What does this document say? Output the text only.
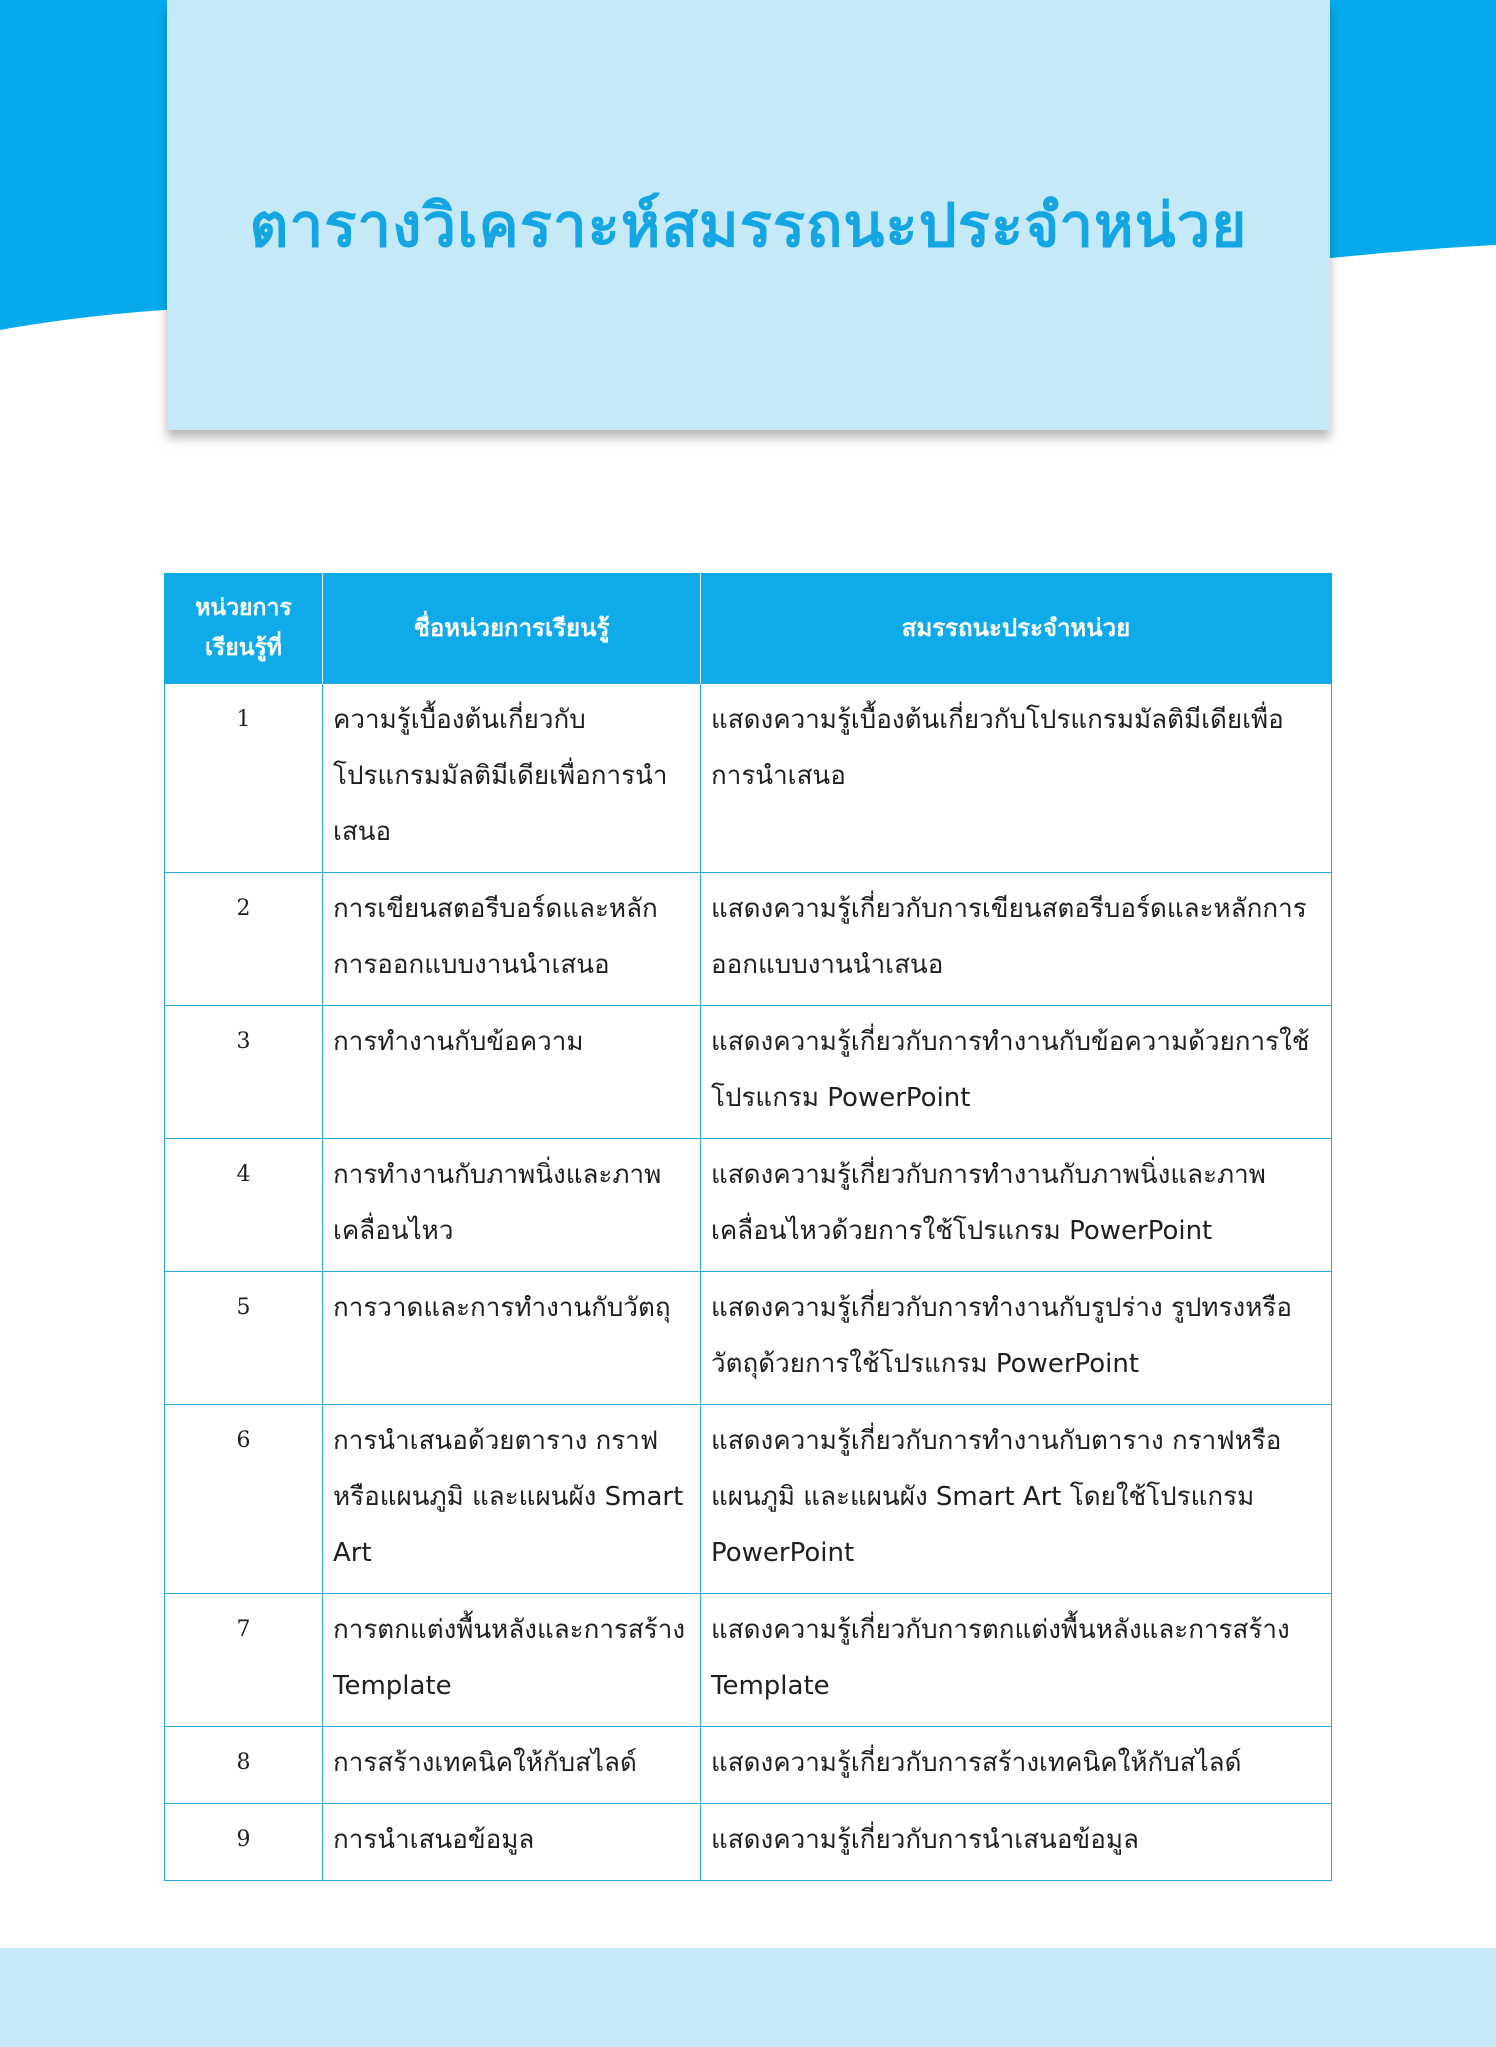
ตารางวิเคราะห์สมรรถนะประจำหน่วย
หน่วยการเรียนรู้ที่	ชื่อหน่วยการเรียนรู้	สมรรถนะประจำหน่วย
1	ความรู้เบื้องต้นเกี่ยวกับโปรแกรมมัลติมีเดียเพื่อการนำเสนอ	แสดงความรู้เบื้องต้นเกี่ยวกับโปรแกรมมัลติมีเดียเพื่อการนำเสนอ
2	การเขียนสตอรีบอร์ดและหลักการออกแบบงานนำเสนอ	แสดงความรู้เกี่ยวกับการเขียนสตอรีบอร์ดและหลักการออกแบบงานนำเสนอ
3	การทำงานกับข้อความ	แสดงความรู้เกี่ยวกับการทำงานกับข้อความด้วยการใช้โปรแกรม PowerPoint
4	การทำงานกับภาพนิ่งและภาพเคลื่อนไหว	แสดงความรู้เกี่ยวกับการทำงานกับภาพนิ่งและภาพเคลื่อนไหวด้วยการใช้โปรแกรม PowerPoint
5	การวาดและการทำงานกับวัตถุ	แสดงความรู้เกี่ยวกับการทำงานกับรูปร่าง รูปทรงหรือวัตถุด้วยการใช้โปรแกรม PowerPoint
6	การนำเสนอด้วยตาราง กราฟหรือแผนภูมิ และแผนผัง Smart Art	แสดงความรู้เกี่ยวกับการทำงานกับตาราง กราฟหรือแผนภูมิ และแผนผัง Smart Art โดยใช้โปรแกรม PowerPoint
7	การตกแต่งพื้นหลังและการสร้าง Template	แสดงความรู้เกี่ยวกับการตกแต่งพื้นหลังและการสร้าง Template
8	การสร้างเทคนิคให้กับสไลด์	แสดงความรู้เกี่ยวกับการสร้างเทคนิคให้กับสไลด์
9	การนำเสนอข้อมูล	แสดงความรู้เกี่ยวกับการนำเสนอข้อมูล
